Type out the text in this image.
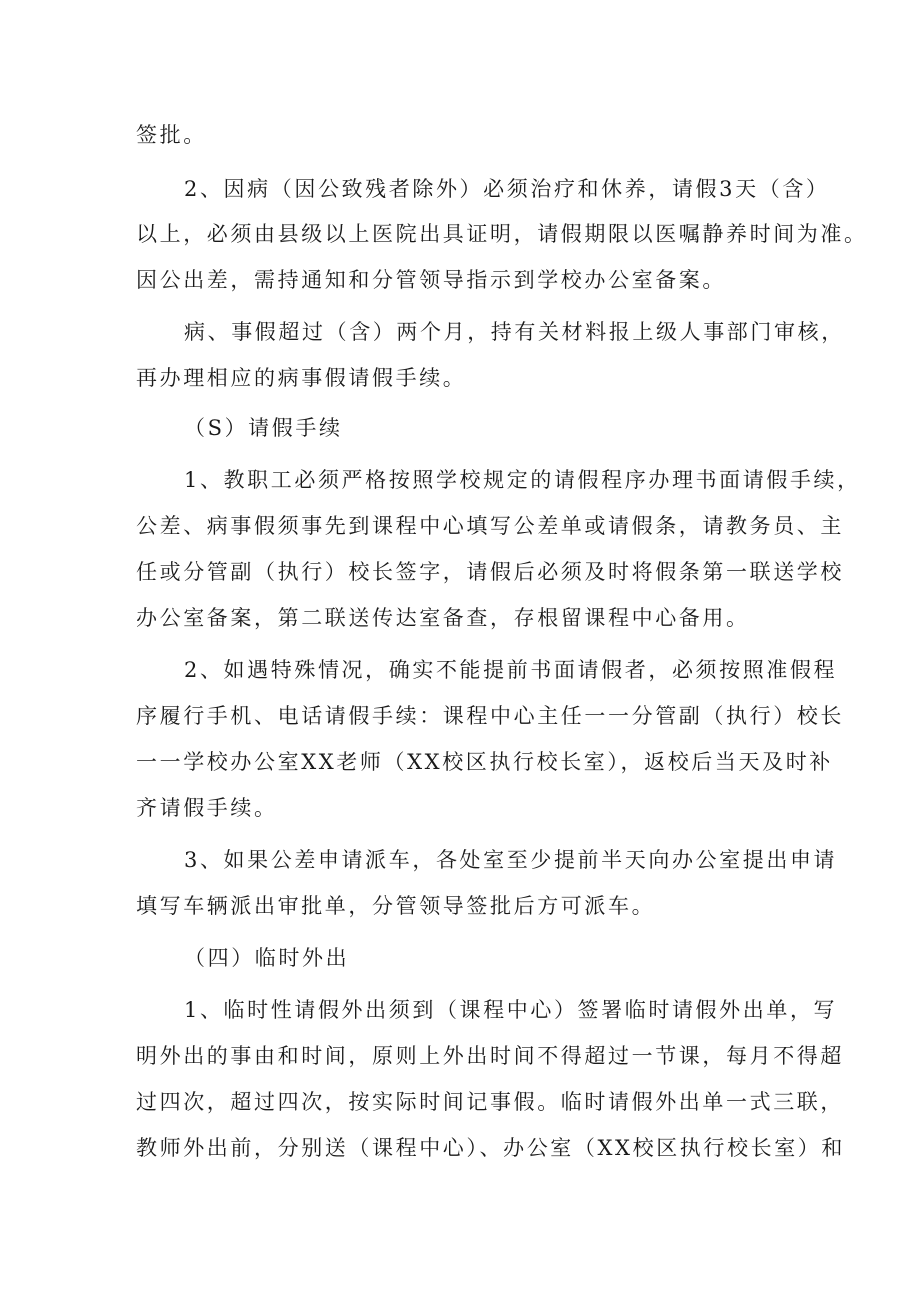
签批。

2、因病（因公致残者除外）必须治疗和休养，请假3天（含）

以上，必须由县级以上医院出具证明，请假期限以医嘱静养时间为准。

因公出差，需持通知和分管领导指示到学校办公室备案。

病、事假超过（含）两个月，持有关材料报上级人事部门审核，

再办理相应的病事假请假手续。

（S）请假手续

1、教职工必须严格按照学校规定的请假程序办理书面请假手续，

公差、病事假须事先到课程中心填写公差单或请假条，请教务员、主

任或分管副（执行）校长签字，请假后必须及时将假条第一联送学校

办公室备案，第二联送传达室备查，存根留课程中心备用。

2、如遇特殊情况，确实不能提前书面请假者，必须按照准假程

序履行手机、电话请假手续：课程中心主任一一分管副（执行）校长

一一学校办公室XX老师（XX校区执行校长室），返校后当天及时补

齐请假手续。

3、如果公差申请派车，各处室至少提前半天向办公室提出申请

填写车辆派出审批单，分管领导签批后方可派车。

（四）临时外出

1、临时性请假外出须到（课程中心）签署临时请假外出单，写

明外出的事由和时间，原则上外出时间不得超过一节课，每月不得超

过四次，超过四次，按实际时间记事假。临时请假外出单一式三联，

教师外出前，分别送（课程中心）、办公室（XX校区执行校长室）和
